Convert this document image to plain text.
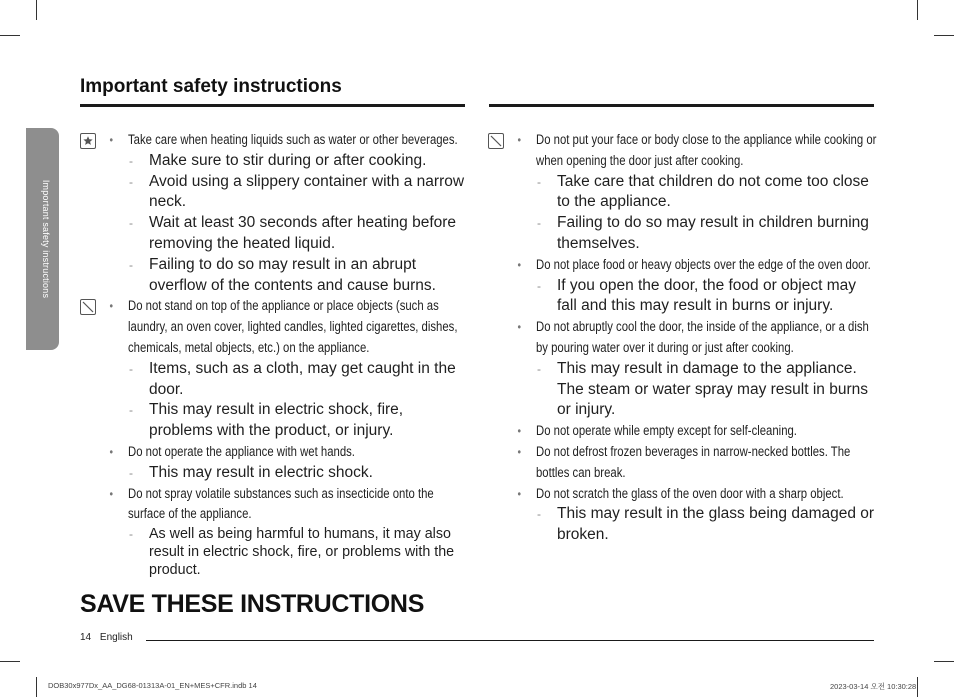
Important safety instructions
Important safety instructions
• Take care when heating liquids such as water or other beverages.
- Make sure to stir during or after cooking.
- Avoid using a slippery container with a narrow neck.
- Wait at least 30 seconds after heating before removing the heated liquid.
- Failing to do so may result in an abrupt overflow of the contents and cause burns.
• Do not stand on top of the appliance or place objects (such as laundry, an oven cover, lighted candles, lighted cigarettes, dishes, chemicals, metal objects, etc.) on the appliance.
- Items, such as a cloth, may get caught in the door.
- This may result in electric shock, fire, problems with the product, or injury.
• Do not operate the appliance with wet hands.
- This may result in electric shock.
• Do not spray volatile substances such as insecticide onto the surface of the appliance.
- As well as being harmful to humans, it may also result in electric shock, fire, or problems with the product.
• Do not put your face or body close to the appliance while cooking or when opening the door just after cooking.
- Take care that children do not come too close to the appliance.
- Failing to do so may result in children burning themselves.
• Do not place food or heavy objects over the edge of the oven door.
- If you open the door, the food or object may fall and this may result in burns or injury.
• Do not abruptly cool the door, the inside of the appliance, or a dish by pouring water over it during or just after cooking.
- This may result in damage to the appliance. The steam or water spray may result in burns or injury.
• Do not operate while empty except for self-cleaning.
• Do not defrost frozen beverages in narrow-necked bottles. The bottles can break.
• Do not scratch the glass of the oven door with a sharp object.
- This may result in the glass being damaged or broken.
SAVE THESE INSTRUCTIONS
14 English
DOB30x977Dx_AA_DG68-01313A-01_EN+MES+CFR.indb 14	2023-03-14 오전 10:30:28
